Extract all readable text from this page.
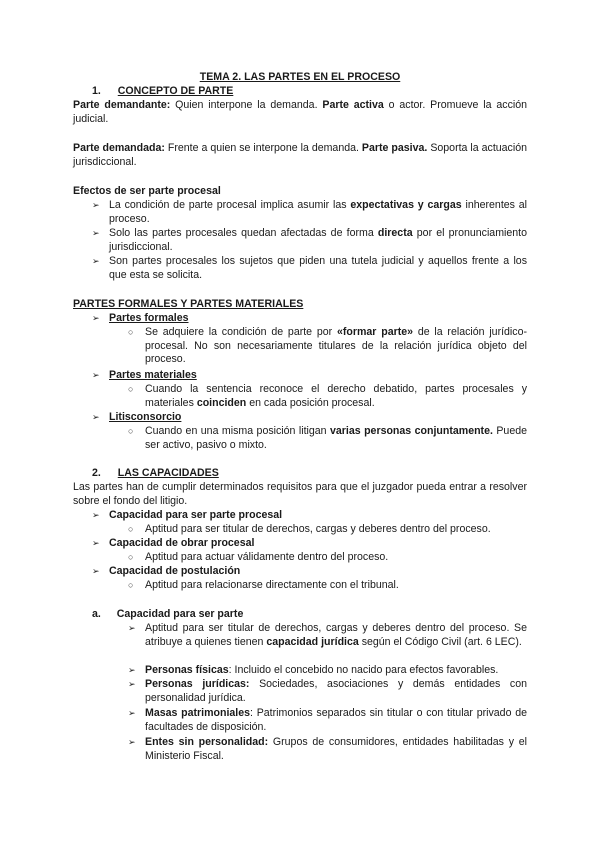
TEMA 2. LAS PARTES EN EL PROCESO
1. CONCEPTO DE PARTE
Parte demandante: Quien interpone la demanda. Parte activa o actor. Promueve la acción judicial.
Parte demandada: Frente a quien se interpone la demanda. Parte pasiva. Soporta la actuación jurisdiccional.
Efectos de ser parte procesal
➢ La condición de parte procesal implica asumir las expectativas y cargas inherentes al proceso.
➢ Solo las partes procesales quedan afectadas de forma directa por el pronunciamiento jurisdiccional.
➢ Son partes procesales los sujetos que piden una tutela judicial y aquellos frente a los que esta se solicita.
PARTES FORMALES Y PARTES MATERIALES
➢ Partes formales
○ Se adquiere la condición de parte por «formar parte» de la relación jurídico-procesal. No son necesariamente titulares de la relación jurídica objeto del proceso.
➢ Partes materiales
○ Cuando la sentencia reconoce el derecho debatido, partes procesales y materiales coinciden en cada posición procesal.
➢ Litisconsorcio
○ Cuando en una misma posición litigan varias personas conjuntamente. Puede ser activo, pasivo o mixto.
2. LAS CAPACIDADES
Las partes han de cumplir determinados requisitos para que el juzgador pueda entrar a resolver sobre el fondo del litigio.
➢ Capacidad para ser parte procesal
○ Aptitud para ser titular de derechos, cargas y deberes dentro del proceso.
➢ Capacidad de obrar procesal
○ Aptitud para actuar válidamente dentro del proceso.
➢ Capacidad de postulación
○ Aptitud para relacionarse directamente con el tribunal.
a. Capacidad para ser parte
➢ Aptitud para ser titular de derechos, cargas y deberes dentro del proceso. Se atribuye a quienes tienen capacidad jurídica según el Código Civil (art. 6 LEC).
➢ Personas físicas: Incluido el concebido no nacido para efectos favorables.
➢ Personas jurídicas: Sociedades, asociaciones y demás entidades con personalidad jurídica.
➢ Masas patrimoniales: Patrimonios separados sin titular o con titular privado de facultades de disposición.
➢ Entes sin personalidad: Grupos de consumidores, entidades habilitadas y el Ministerio Fiscal.
